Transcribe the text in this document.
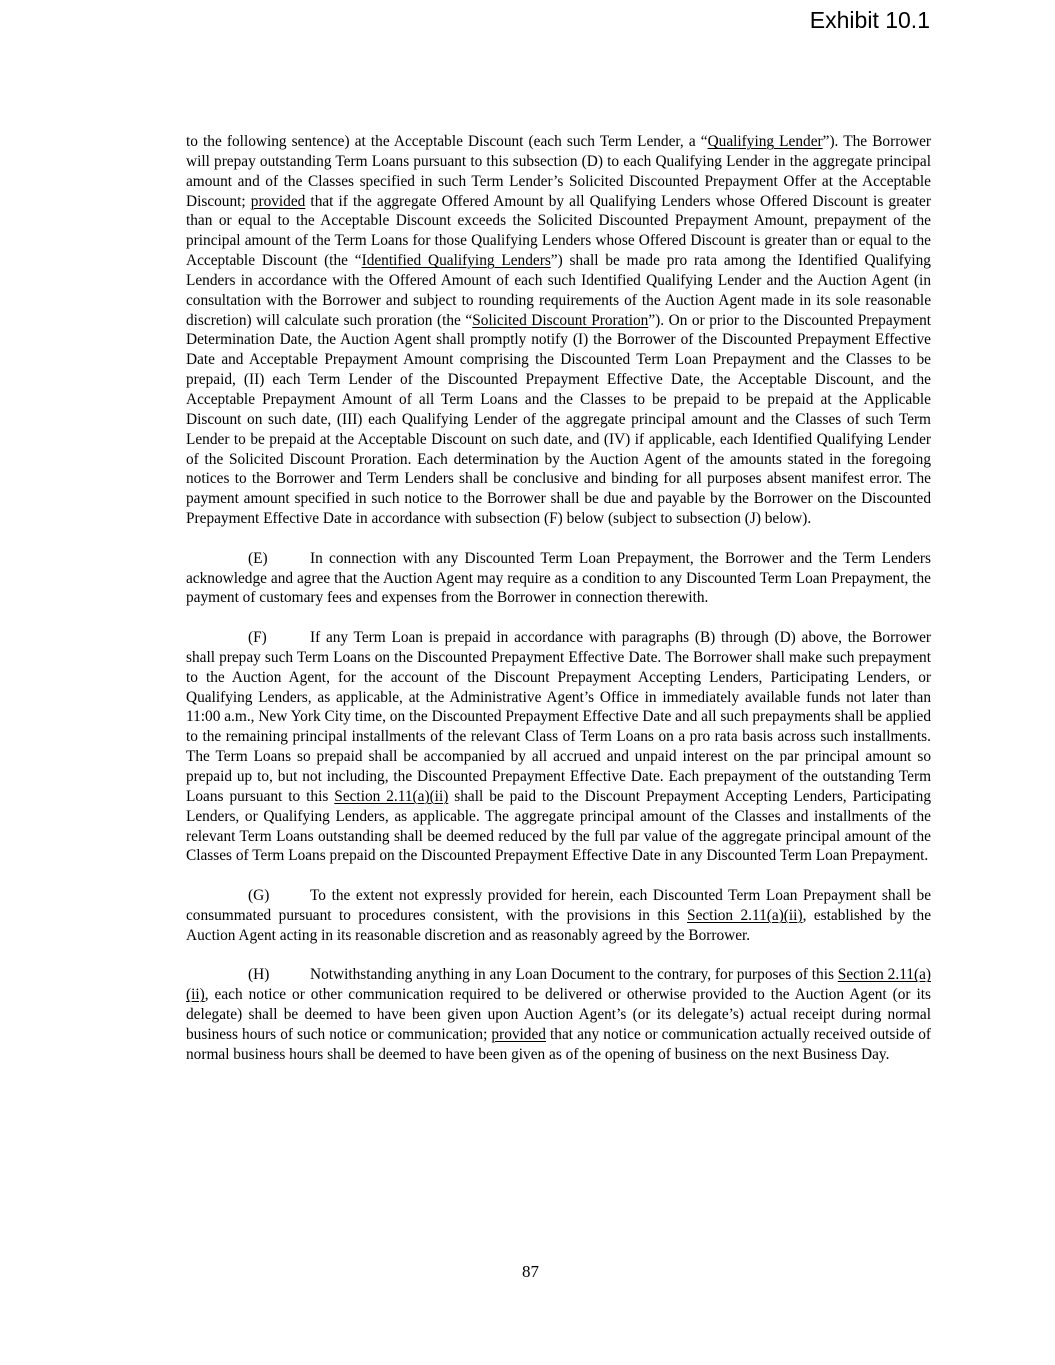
Exhibit 10.1

to the following sentence) at the Acceptable Discount (each such Term Lender, a “Qualifying Lender”). The Borrower will prepay outstanding Term Loans pursuant to this subsection (D) to each Qualifying Lender in the aggregate principal amount and of the Classes specified in such Term Lender’s Solicited Discounted Prepayment Offer at the Acceptable Discount; provided that if the aggregate Offered Amount by all Qualifying Lenders whose Offered Discount is greater than or equal to the Acceptable Discount exceeds the Solicited Discounted Prepayment Amount, prepayment of the principal amount of the Term Loans for those Qualifying Lenders whose Offered Discount is greater than or equal to the Acceptable Discount (the “Identified Qualifying Lenders”) shall be made pro rata among the Identified Qualifying Lenders in accordance with the Offered Amount of each such Identified Qualifying Lender and the Auction Agent (in consultation with the Borrower and subject to rounding requirements of the Auction Agent made in its sole reasonable discretion) will calculate such proration (the “Solicited Discount Proration”). On or prior to the Discounted Prepayment Determination Date, the Auction Agent shall promptly notify (I) the Borrower of the Discounted Prepayment Effective Date and Acceptable Prepayment Amount comprising the Discounted Term Loan Prepayment and the Classes to be prepaid, (II) each Term Lender of the Discounted Prepayment Effective Date, the Acceptable Discount, and the Acceptable Prepayment Amount of all Term Loans and the Classes to be prepaid to be prepaid at the Applicable Discount on such date, (III) each Qualifying Lender of the aggregate principal amount and the Classes of such Term Lender to be prepaid at the Acceptable Discount on such date, and (IV) if applicable, each Identified Qualifying Lender of the Solicited Discount Proration. Each determination by the Auction Agent of the amounts stated in the foregoing notices to the Borrower and Term Lenders shall be conclusive and binding for all purposes absent manifest error. The payment amount specified in such notice to the Borrower shall be due and payable by the Borrower on the Discounted Prepayment Effective Date in accordance with subsection (F) below (subject to subsection (J) below).

(E)	In connection with any Discounted Term Loan Prepayment, the Borrower and the Term Lenders acknowledge and agree that the Auction Agent may require as a condition to any Discounted Term Loan Prepayment, the payment of customary fees and expenses from the Borrower in connection therewith.

(F)	If any Term Loan is prepaid in accordance with paragraphs (B) through (D) above, the Borrower shall prepay such Term Loans on the Discounted Prepayment Effective Date. The Borrower shall make such prepayment to the Auction Agent, for the account of the Discount Prepayment Accepting Lenders, Participating Lenders, or Qualifying Lenders, as applicable, at the Administrative Agent’s Office in immediately available funds not later than 11:00 a.m., New York City time, on the Discounted Prepayment Effective Date and all such prepayments shall be applied to the remaining principal installments of the relevant Class of Term Loans on a pro rata basis across such installments. The Term Loans so prepaid shall be accompanied by all accrued and unpaid interest on the par principal amount so prepaid up to, but not including, the Discounted Prepayment Effective Date. Each prepayment of the outstanding Term Loans pursuant to this Section 2.11(a)(ii) shall be paid to the Discount Prepayment Accepting Lenders, Participating Lenders, or Qualifying Lenders, as applicable. The aggregate principal amount of the Classes and installments of the relevant Term Loans outstanding shall be deemed reduced by the full par value of the aggregate principal amount of the Classes of Term Loans prepaid on the Discounted Prepayment Effective Date in any Discounted Term Loan Prepayment.

(G)	To the extent not expressly provided for herein, each Discounted Term Loan Prepayment shall be consummated pursuant to procedures consistent, with the provisions in this Section 2.11(a)(ii), established by the Auction Agent acting in its reasonable discretion and as reasonably agreed by the Borrower.

(H)	Notwithstanding anything in any Loan Document to the contrary, for purposes of this Section 2.11(a)(ii), each notice or other communication required to be delivered or otherwise provided to the Auction Agent (or its delegate) shall be deemed to have been given upon Auction Agent’s (or its delegate’s) actual receipt during normal business hours of such notice or communication; provided that any notice or communication actually received outside of normal business hours shall be deemed to have been given as of the opening of business on the next Business Day.

87
